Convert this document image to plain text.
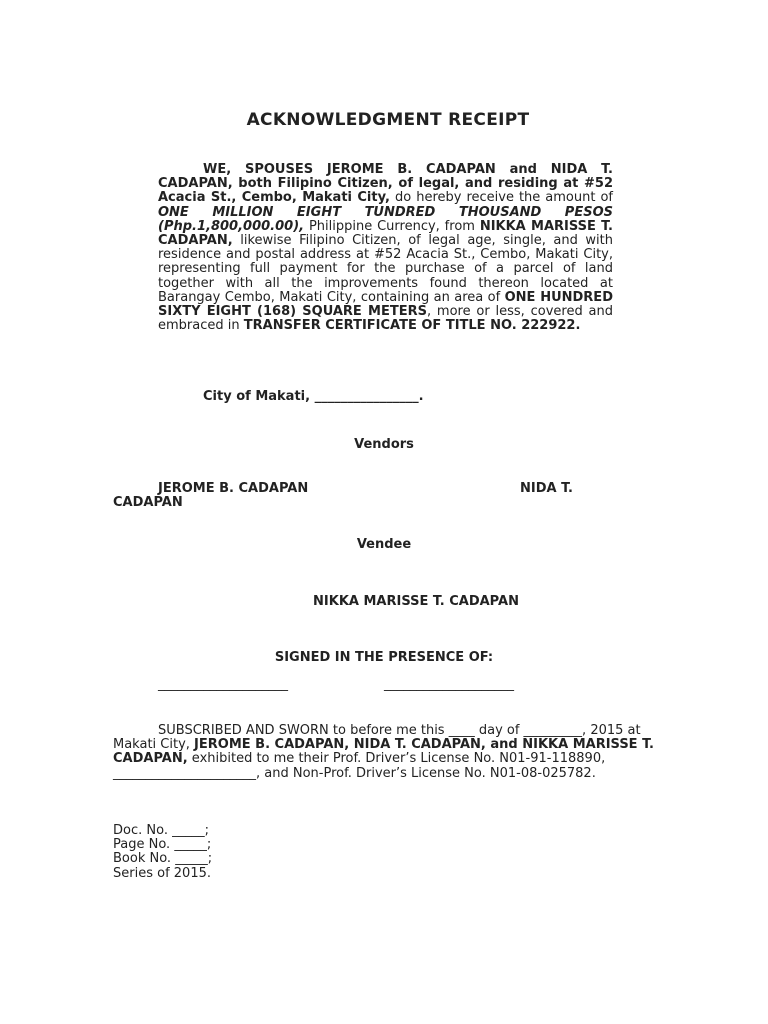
ACKNOWLEDGMENT RECEIPT

WE, SPOUSES JEROME B. CADAPAN and NIDA T. CADAPAN, both Filipino Citizen, of legal, and residing at #52 Acacia St., Cembo, Makati City, do hereby receive the amount of ONE MILLION EIGHT TUNDRED THOUSAND PESOS (Php.1,800,000.00), Philippine Currency, from NIKKA MARISSE T. CADAPAN, likewise Filipino Citizen, of legal age, single, and with residence and postal address at #52 Acacia St., Cembo, Makati City, representing full payment for the purchase of a parcel of land together with all the improvements found thereon located at Barangay Cembo, Makati City, containing an area of ONE HUNDRED SIXTY EIGHT (168) SQUARE METERS, more or less, covered and embraced in TRANSFER CERTIFICATE OF TITLE NO. 222922.

City of Makati, ________________.
Vendors
JEROME B. CADAPAN	NIDA T.
CADAPAN
Vendee
NIKKA MARISSE T. CADAPAN
SIGNED IN THE PRESENCE OF:
____________________	____________________

SUBSCRIBED AND SWORN to before me this ____ day of _________, 2015 at Makati City, JEROME B. CADAPAN, NIDA T. CADAPAN, and NIKKA MARISSE T. CADAPAN, exhibited to me their Prof. Driver’s License No. N01-91-118890, ______________________, and Non-Prof. Driver’s License No. N01-08-025782.

Doc. No. _____;
Page No. _____;
Book No. _____;
Series of 2015.
